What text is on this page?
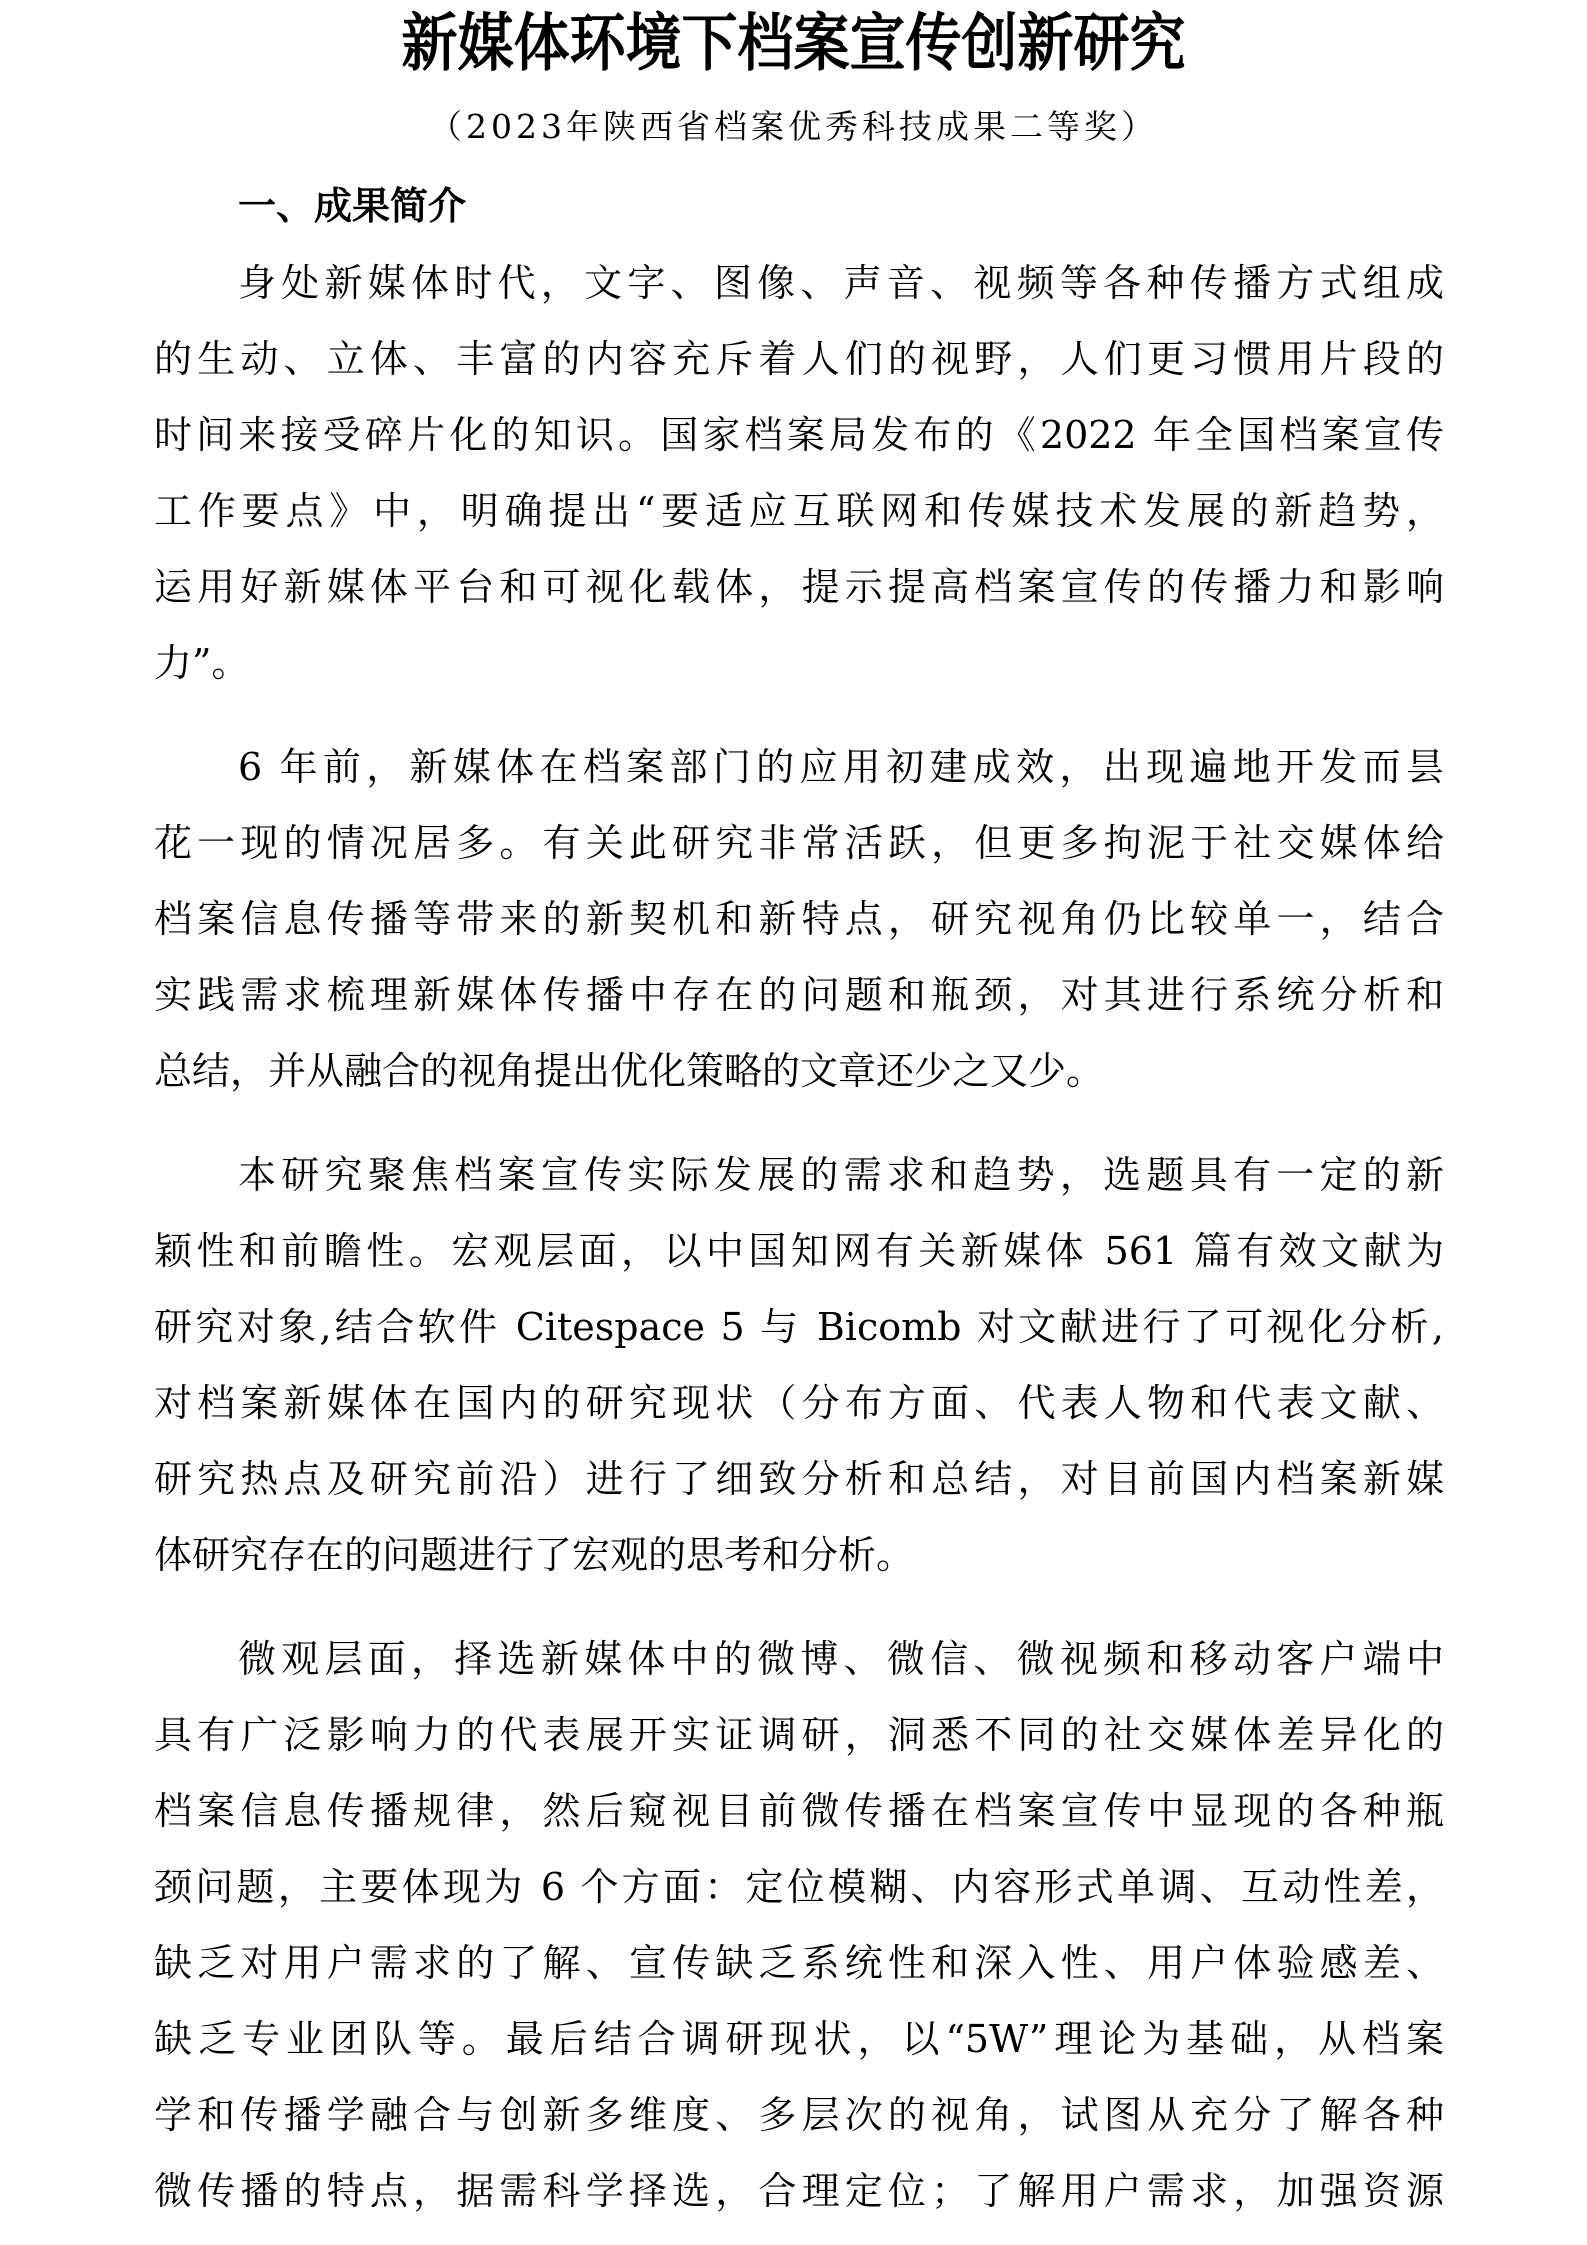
新媒体环境下档案宣传创新研究
（2023年陕西省档案优秀科技成果二等奖）
一、成果简介
身处新媒体时代，文字、图像、声音、视频等各种传播方式组成
的生动、立体、丰富的内容充斥着人们的视野，人们更习惯用片段的
时间来接受碎片化的知识。国家档案局发布的《2022 年全国档案宣传
工作要点》中，明确提出“要适应互联网和传媒技术发展的新趋势，
运用好新媒体平台和可视化载体，提示提高档案宣传的传播力和影响
力”。
6 年前，新媒体在档案部门的应用初建成效，出现遍地开发而昙
花一现的情况居多。有关此研究非常活跃，但更多拘泥于社交媒体给
档案信息传播等带来的新契机和新特点，研究视角仍比较单一，结合
实践需求梳理新媒体传播中存在的问题和瓶颈，对其进行系统分析和
总结，并从融合的视角提出优化策略的文章还少之又少。
本研究聚焦档案宣传实际发展的需求和趋势，选题具有一定的新
颖性和前瞻性。宏观层面，以中国知网有关新媒体 561 篇有效文献为
研究对象,结合软件 Citespace 5 与 Bicomb 对文献进行了可视化分析,
对档案新媒体在国内的研究现状（分布方面、代表人物和代表文献、
研究热点及研究前沿）进行了细致分析和总结，对目前国内档案新媒
体研究存在的问题进行了宏观的思考和分析。
微观层面，择选新媒体中的微博、微信、微视频和移动客户端中
具有广泛影响力的代表展开实证调研，洞悉不同的社交媒体差异化的
档案信息传播规律，然后窥视目前微传播在档案宣传中显现的各种瓶
颈问题，主要体现为 6 个方面：定位模糊、内容形式单调、互动性差，
缺乏对用户需求的了解、宣传缺乏系统性和深入性、用户体验感差、
缺乏专业团队等。最后结合调研现状，以“5W”理论为基础，从档案
学和传播学融合与创新多维度、多层次的视角，试图从充分了解各种
微传播的特点，据需科学择选，合理定位；了解用户需求，加强资源
